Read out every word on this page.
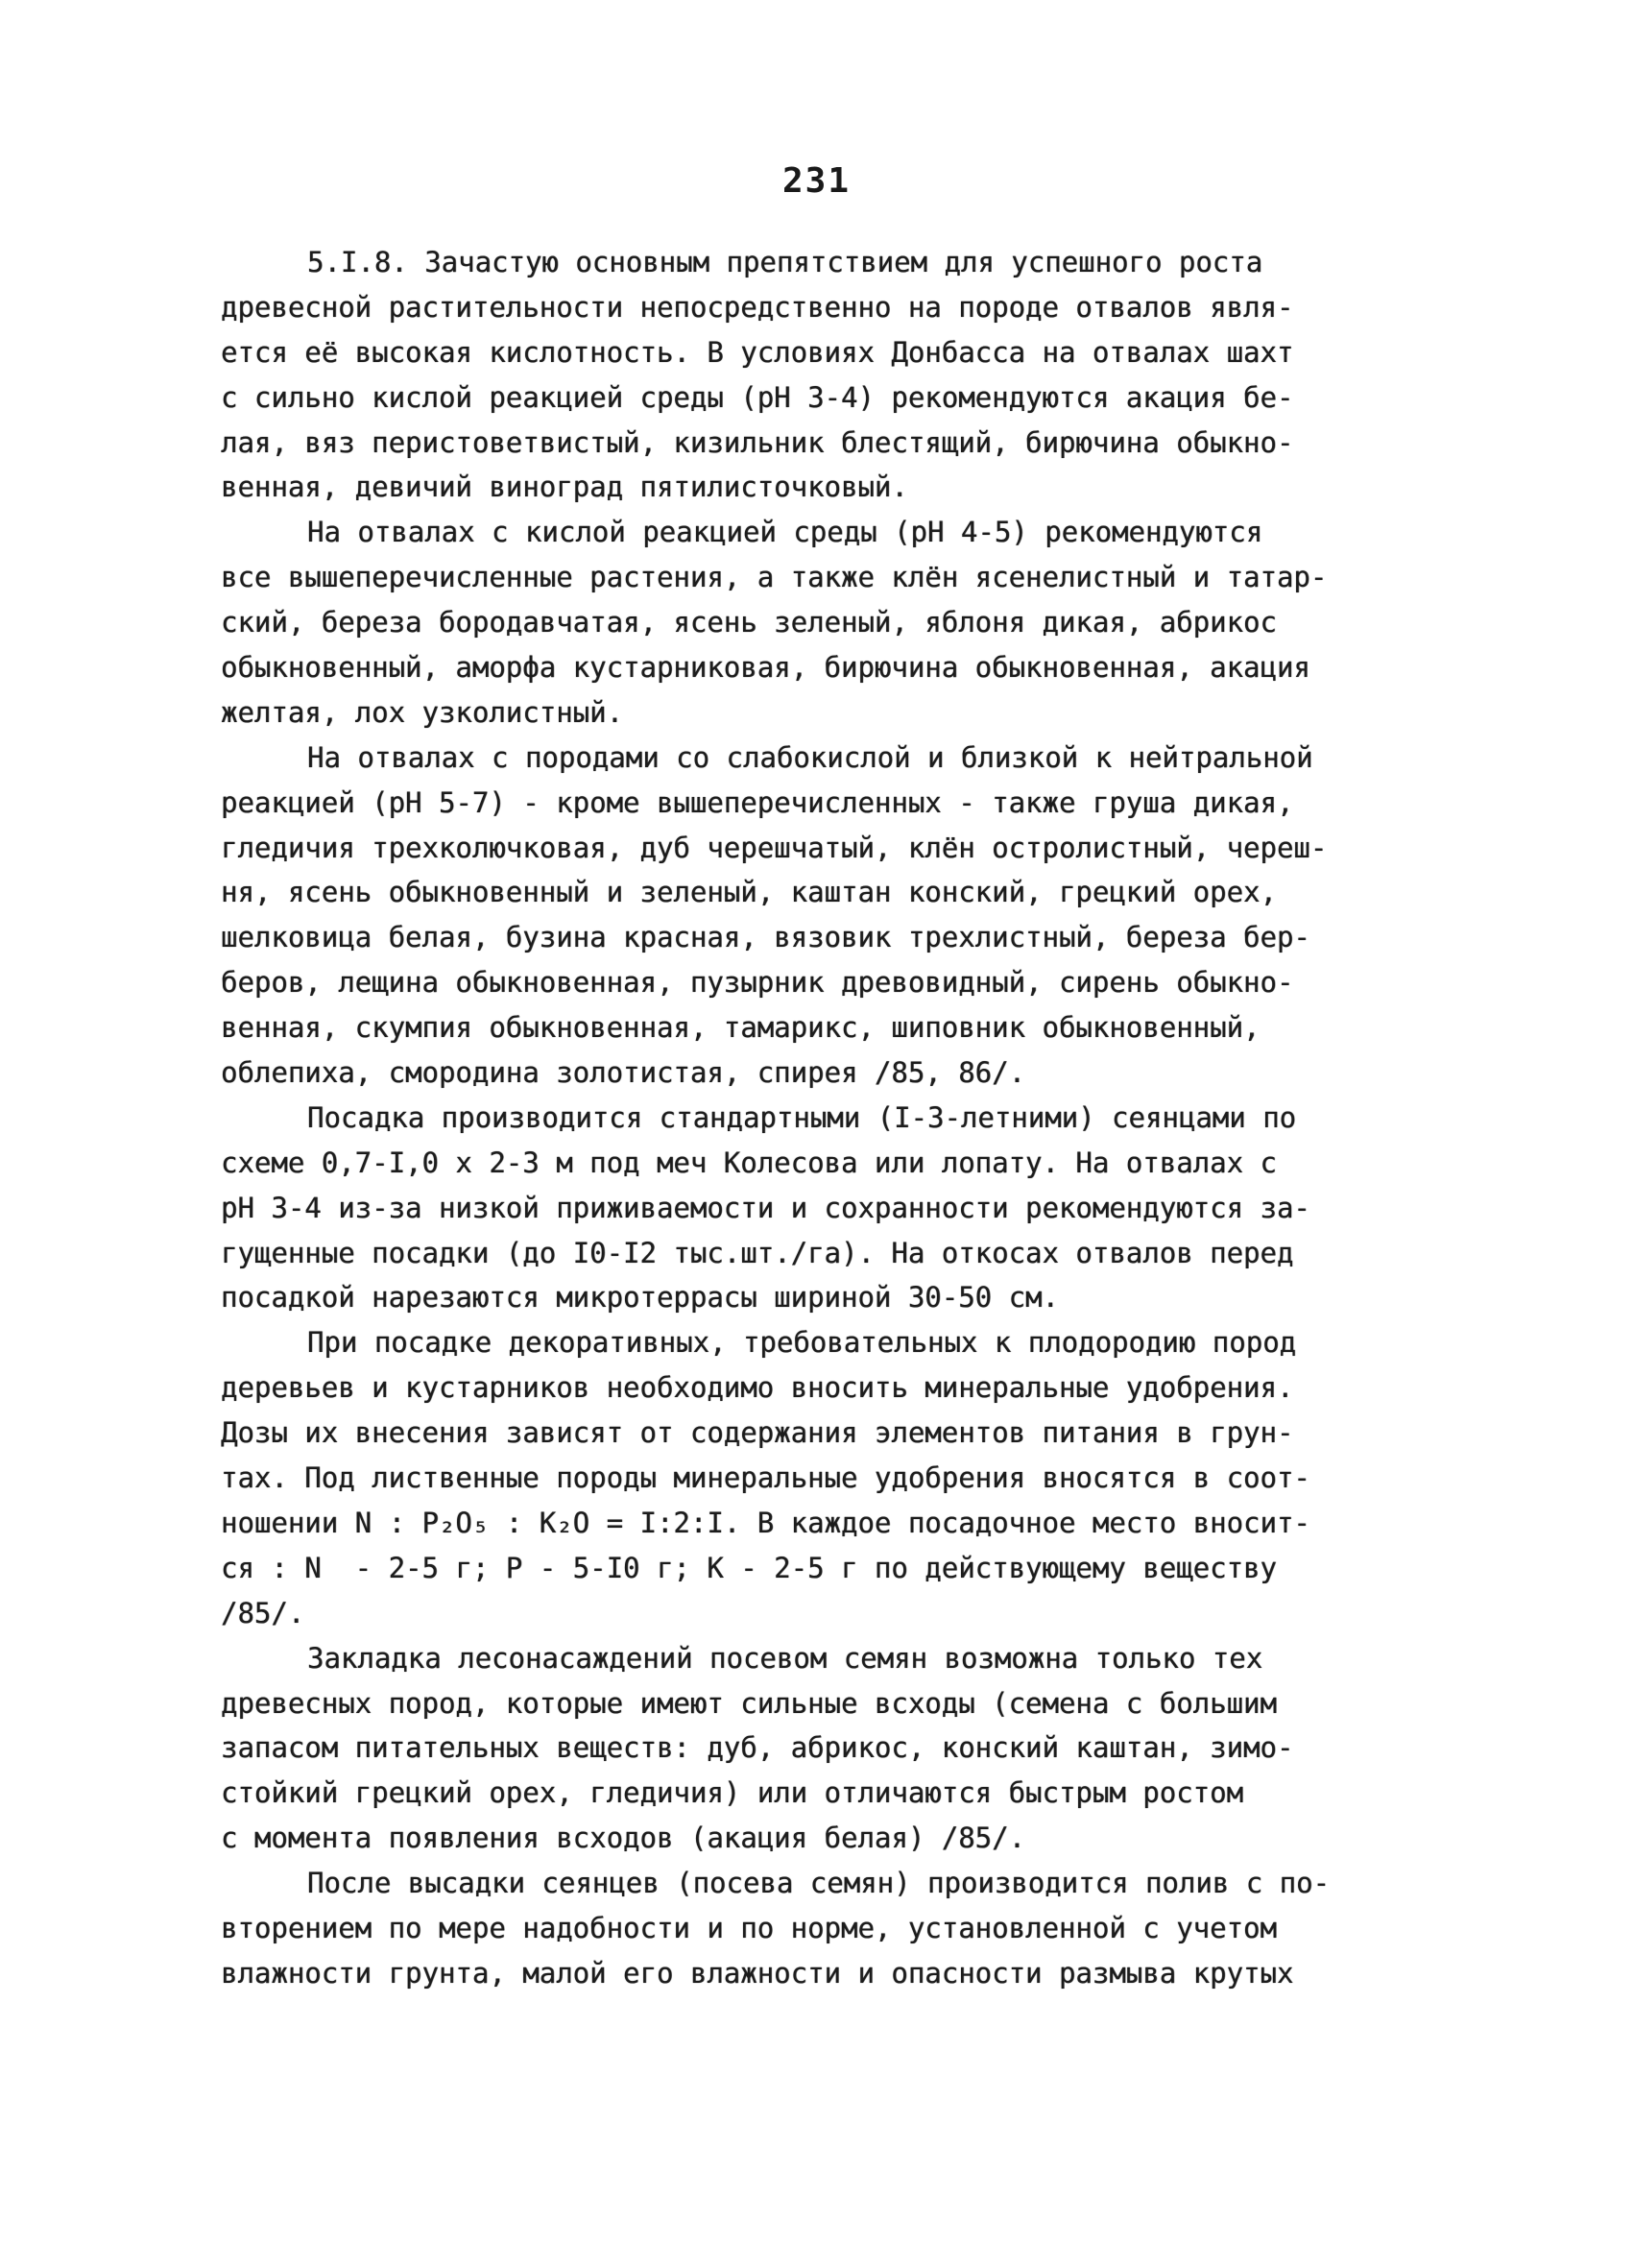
231
5.I.8. Зачастую основным препятствием для успешного роста
древесной растительности непосредственно на породе отвалов явля-
ется её высокая кислотность. В условиях Донбасса на отвалах шахт
с сильно кислой реакцией среды (рН 3-4) рекомендуются акация бе-
лая, вяз перистоветвистый, кизильник блестящий, бирючина обыкно-
венная, девичий виноград пятилисточковый.
На отвалах с кислой реакцией среды (рН 4-5) рекомендуются
все вышеперечисленные растения, а также клён ясенелистный и татар-
ский, береза бородавчатая, ясень зеленый, яблоня дикая, абрикос
обыкновенный, аморфа кустарниковая, бирючина обыкновенная, акация
желтая, лох узколистный.
На отвалах с породами со слабокислой и близкой к нейтральной
реакцией (рН 5-7) - кроме вышеперечисленных - также груша дикая,
гледичия трехколючковая, дуб черешчатый, клён остролистный, череш-
ня, ясень обыкновенный и зеленый, каштан конский, грецкий орех,
шелковица белая, бузина красная, вязовик трехлистный, береза бер-
беров, лещина обыкновенная, пузырник древовидный, сирень обыкно-
венная, скумпия обыкновенная, тамарикс, шиповник обыкновенный,
облепиха, смородина золотистая, спирея /85, 86/.
Посадка производится стандартными (I-3-летними) сеянцами по
схеме 0,7-I,0 х 2-3 м под меч Колесова или лопату. На отвалах с
рН 3-4 из-за низкой приживаемости и сохранности рекомендуются за-
гущенные посадки (до I0-I2 тыс.шт./га). На откосах отвалов перед
посадкой нарезаются микротеррасы шириной 30-50 см.
При посадке декоративных, требовательных к плодородию пород
деревьев и кустарников необходимо вносить минеральные удобрения.
Дозы их внесения зависят от содержания элементов питания в грун-
тах. Под лиственные породы минеральные удобрения вносятся в соот-
ношении N : P₂O₅ : K₂O = I:2:I. В каждое посадочное место вносит-
ся : N  - 2-5 г; P - 5-I0 г; K - 2-5 г по действующему веществу
/85/.
Закладка лесонасаждений посевом семян возможна только тех
древесных пород, которые имеют сильные всходы (семена с большим
запасом питательных веществ: дуб, абрикос, конский каштан, зимо-
стойкий грецкий орех, гледичия) или отличаются быстрым ростом
с момента появления всходов (акация белая) /85/.
После высадки сеянцев (посева семян) производится полив с по-
вторением по мере надобности и по норме, установленной с учетом
влажности грунта, малой его влажности и опасности размыва крутых
